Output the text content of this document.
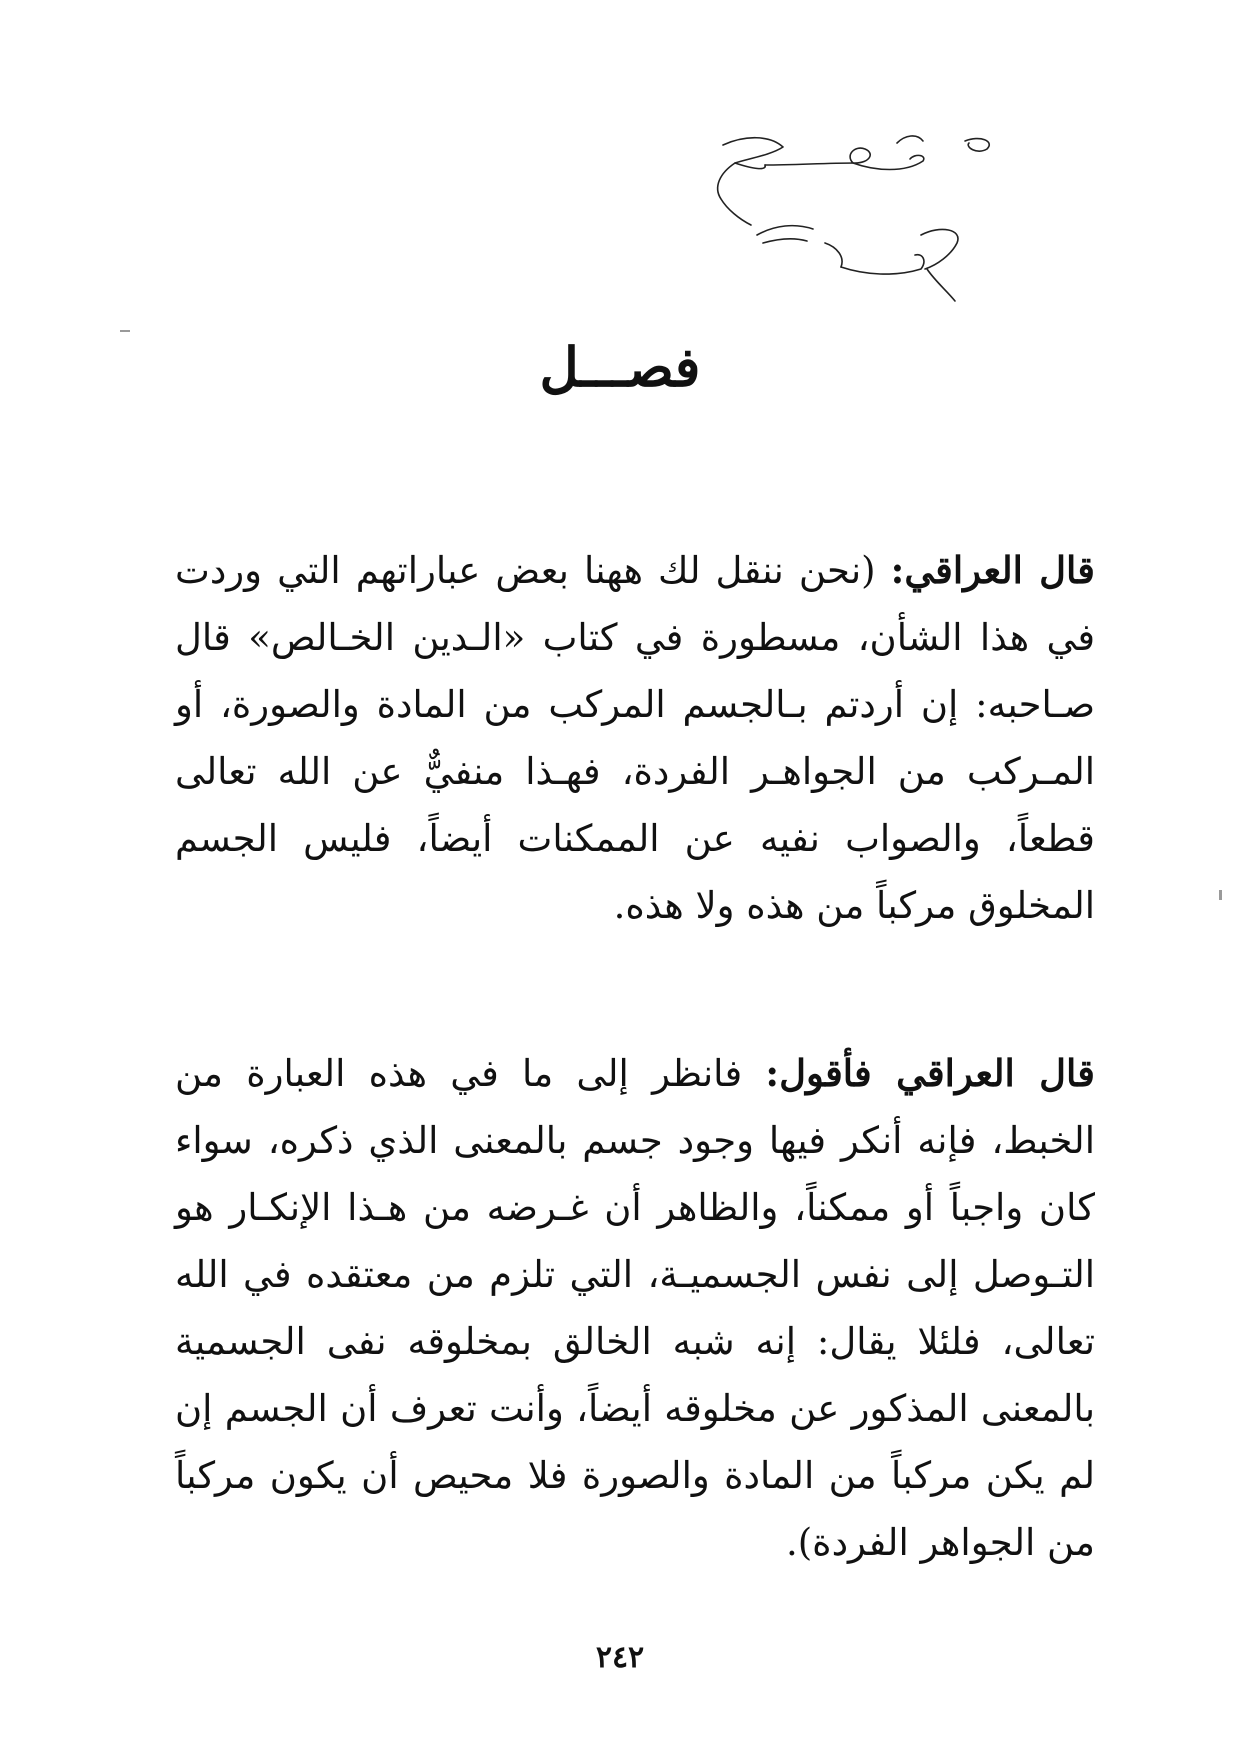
فصـــل

قال العراقي: (نحن ننقل لك ههنا بعض عباراتهم التي وردت في هذا الشأن، مسطورة في كتاب «الـدين الخـالص» قال صـاحبه: إن أردتم بـالجسم المركب من المادة والصورة، أو المـركب من الجواهـر الفردة، فهـذا منفيٌّ عن الله تعالى قطعاً، والصواب نفيه عن الممكنات أيضاً، فليس الجسم المخلوق مركباً من هذه ولا هذه.

قال العراقي فأقول: فانظر إلى ما في هذه العبارة من الخبط، فإنه أنكر فيها وجود جسم بالمعنى الذي ذكره، سواء كان واجباً أو ممكناً، والظاهر أن غـرضه من هـذا الإنكـار هو التـوصل إلى نفس الجسميـة، التي تلزم من معتقده في الله تعالى، فلئلا يقال: إنه شبه الخالق بمخلوقه نفى الجسمية بالمعنى المذكور عن مخلوقه أيضاً، وأنت تعرف أن الجسم إن لم يكن مركباً من المادة والصورة فلا محيص أن يكون مركباً من الجواهر الفردة).

٢٤٢
